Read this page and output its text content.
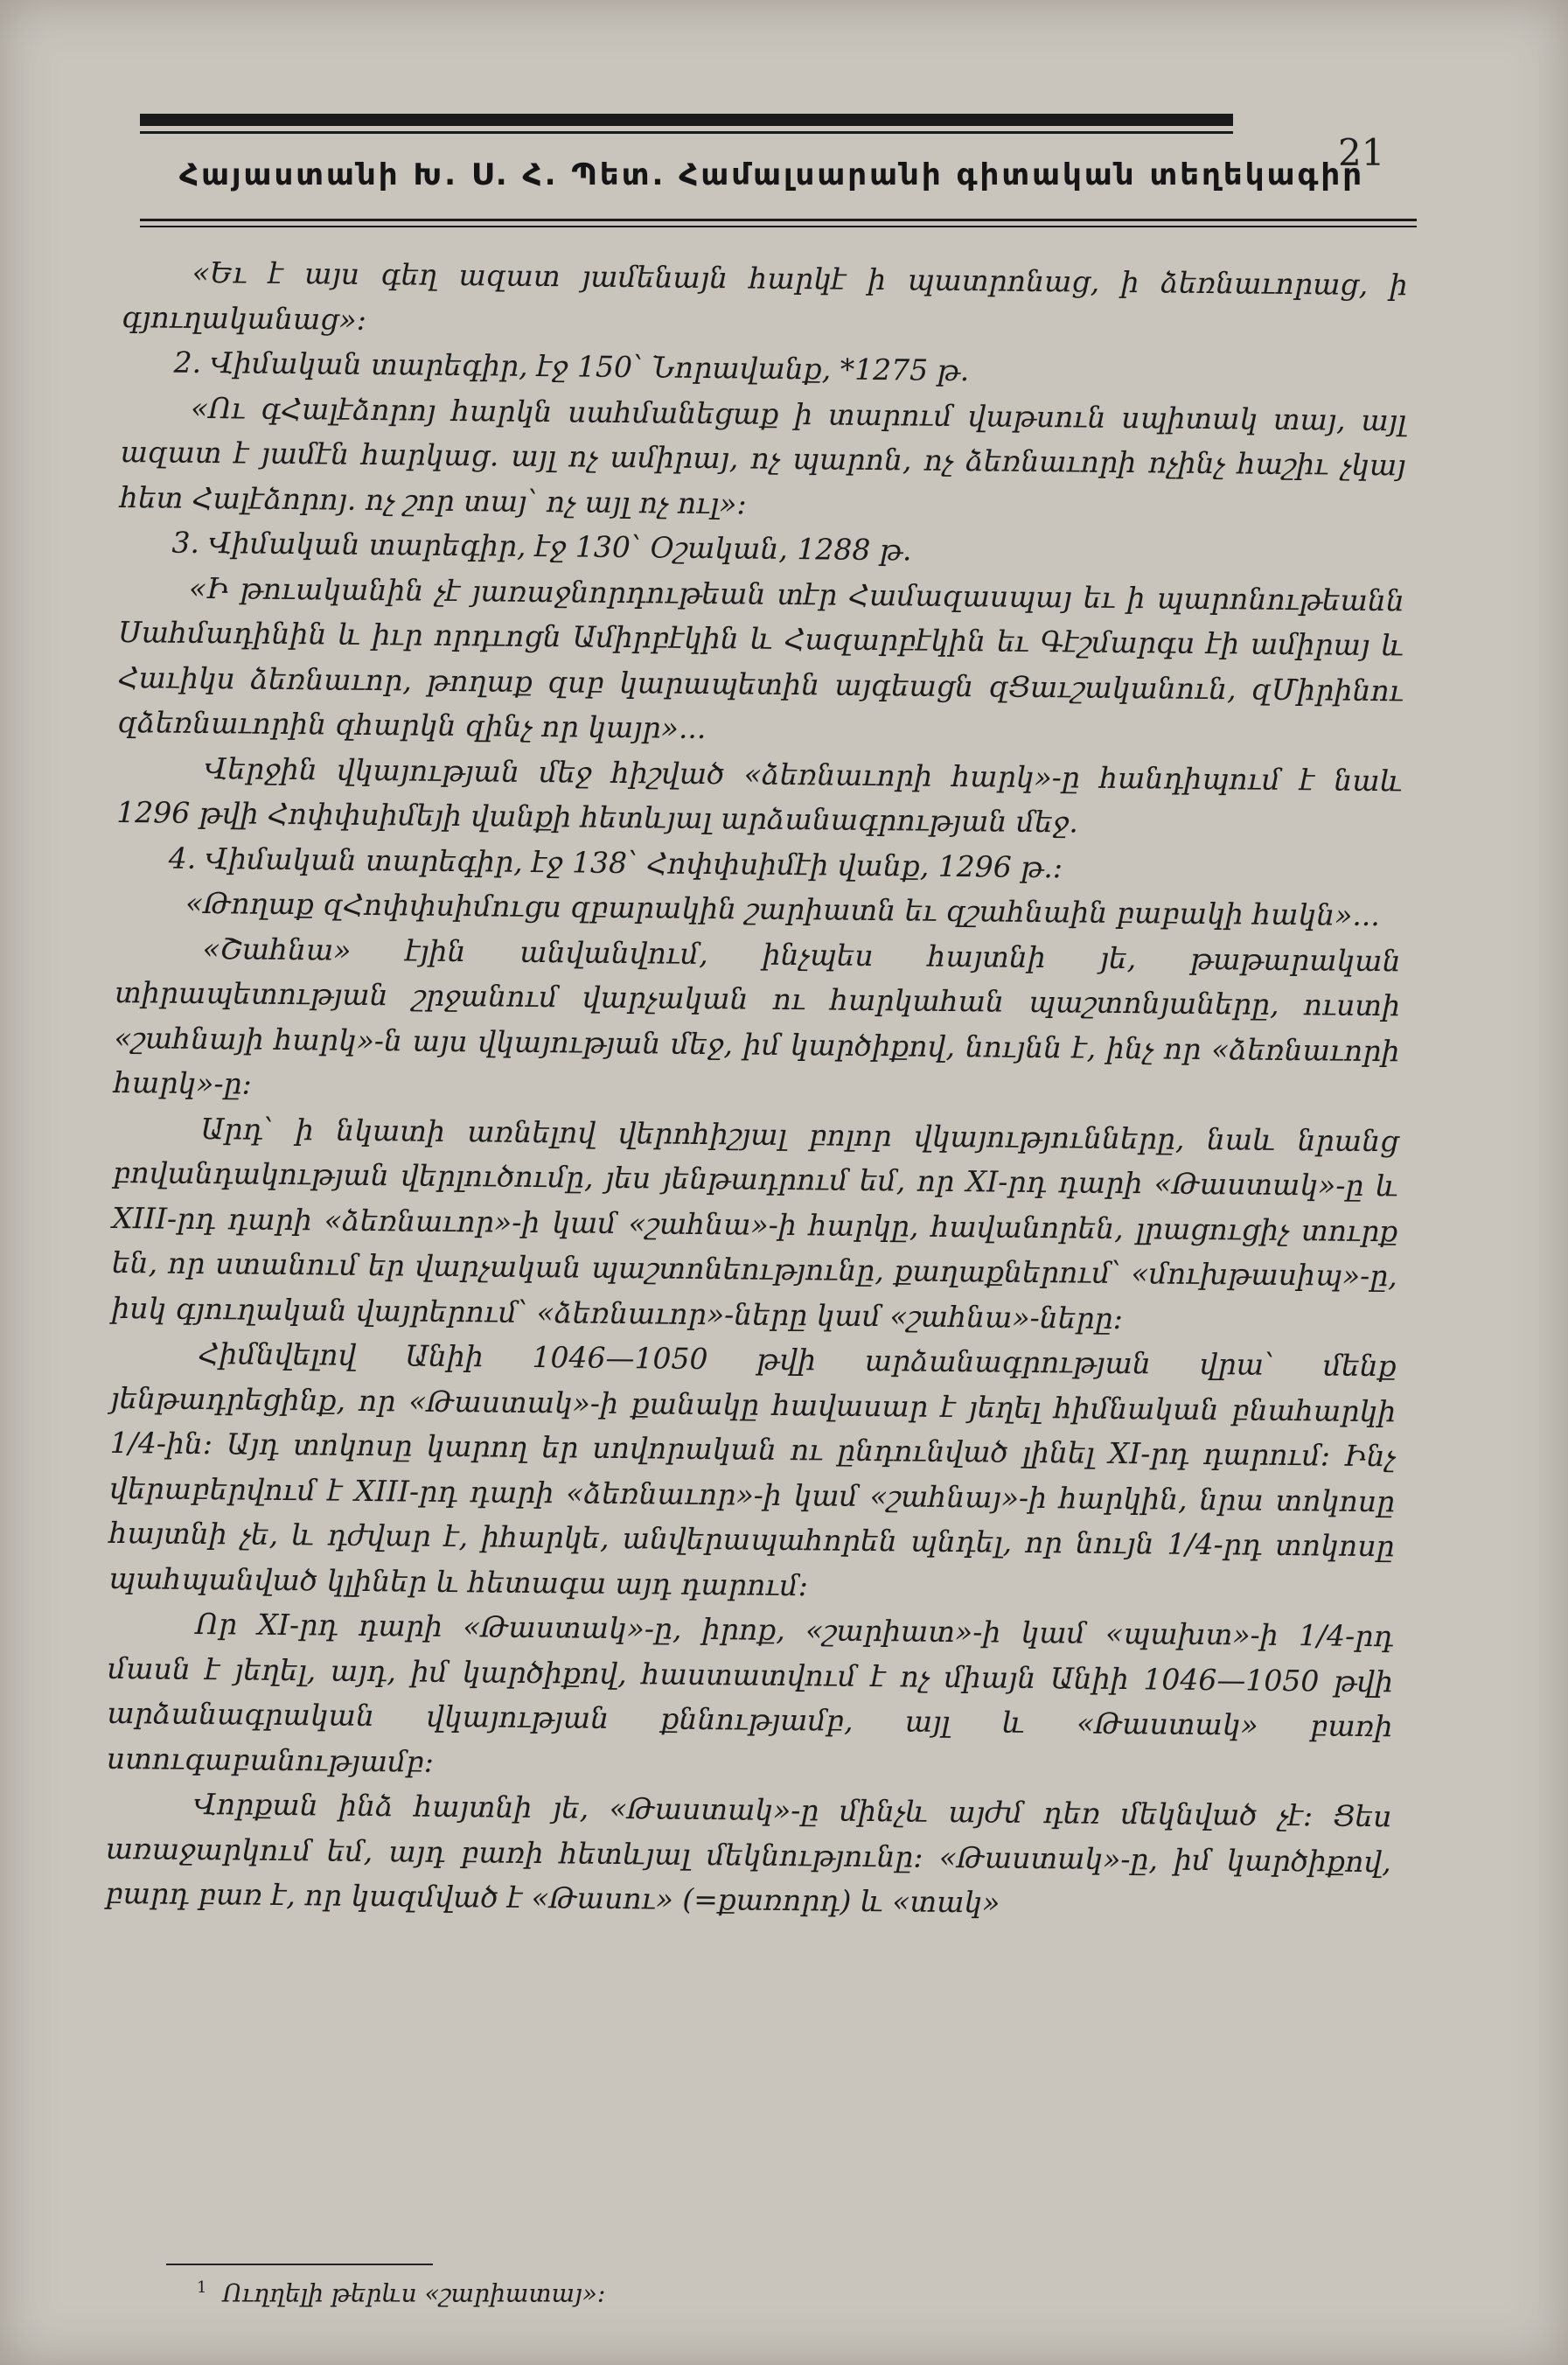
Հայաստանի Խ. Ս. Հ. Պետ. Համալսարանի գիտական տեղեկագիր
21

«Եւ է այս գեղ ազատ յամենայն հարկէ ի պատրոնաց, ի ձեռնաւորաց, ի գյուղականաց»։

2. Վիմական տարեգիր, էջ 150՝ Նորավանք, *1275 թ.

«Ու գՀալէձորոյ հարկն սահմանեցաք ի տարում վաթսուն սպիտակ տայ, այլ ազատ է յամէն հարկաց. այլ ոչ ամիրայ, ոչ պարոն, ոչ ձեռնաւորի ոչինչ հաշիւ չկայ հետ Հալէձորոյ. ոչ շոր տայ՝ ոչ այլ ոչ ուլ»։

3. Վիմական տարեգիր, էջ 130՝ Օշական, 1288 թ.

«Ի թուականին չէ յառաջնորդութեան տէր Համազասպայ եւ ի պարոնութեանն Սահմադինին և իւր որդւոցն Ամիրբէկին և Հազարբէկին եւ Գէշմարգս էի ամիրայ և Հաւիկս ձեռնաւոր, թողաք զսբ կարապետին այգեացն զՑաւշականուն, զՄիրինու զձեռնաւորին զհարկն զինչ որ կայր»...

Վերջին վկայության մեջ հիշված «ձեռնաւորի հարկ»-ը հանդիպում է նաև 1296 թվի Հոփփսիմեյի վանքի հետևյալ արձանագրության մեջ.

4. Վիմական տարեգիր, էջ 138՝ Հոփփսիմէի վանք, 1296 թ.։

«Թողաք զՀոփփսիմուցս զբարակին շարիատն եւ զշահնաին բաբակի հակն»...

«Շահնա» էյին անվանվում, ինչպես հայտնի յե, թաթարական տիրապետության շրջանում վարչական ու հարկահան պաշտոնյաները, ուստի «շահնայի հարկ»-ն այս վկայության մեջ, իմ կարծիքով, նույնն է, ինչ որ «ձեռնաւորի հարկ»-ը։

Արդ՝ ի նկատի առնելով վերոհիշյալ բոլոր վկայությունները, նաև նրանց բովանդակության վերլուծումը, յես յենթադրում եմ, որ XI-րդ դարի «Թաստակ»-ը և XIII-րդ դարի «ձեռնաւոր»-ի կամ «շահնա»-ի հարկը, հավանորեն, լրացուցիչ տուրք են, որ ստանում եր վարչական պաշտոնեությունը, քաղաքներում՝ «մուխթասիպ»-ը, իսկ գյուղական վայրերում՝ «ձեռնաւոր»-ները կամ «շահնա»-ները։

Հիմնվելով Անիի 1046—1050 թվի արձանագրության վրա՝ մենք յենթադրեցինք, որ «Թաստակ»-ի քանակը հավասար է յեղել հիմնական բնահարկի 1/4-ին։ Այդ տոկոսը կարող եր սովորական ու ընդունված լինել XI-րդ դարում։ Ինչ վերաբերվում է XIII-րդ դարի «ձեռնաւոր»-ի կամ «շահնայ»-ի հարկին, նրա տոկոսը հայտնի չե, և դժվար է, իհարկե, անվերապահորեն պնդել, որ նույն 1/4-րդ տոկոսը պահպանված կլիներ և հետագա այդ դարում։

Որ XI-րդ դարի «Թաստակ»-ը, իրոք, «շարիատ»-ի կամ «պախտ»-ի 1/4-րդ մասն է յեղել, այդ, իմ կարծիքով, հաստատվում է ոչ միայն Անիի 1046—1050 թվի արձանագրական վկայության քննությամբ, այլ և «Թաստակ» բառի ստուգաբանությամբ։

Վորքան ինձ հայտնի յե, «Թաստակ»-ը մինչև այժմ դեռ մեկնված չէ։ Ցես առաջարկում եմ, այդ բառի հետևյալ մեկնությունը։ «Թաստակ»-ը, իմ կարծիքով, բարդ բառ է, որ կազմված է «Թասու» (=քառորդ) և «տակ»

$^1$ Ուղղելի թերևս «շարիատայ»։
